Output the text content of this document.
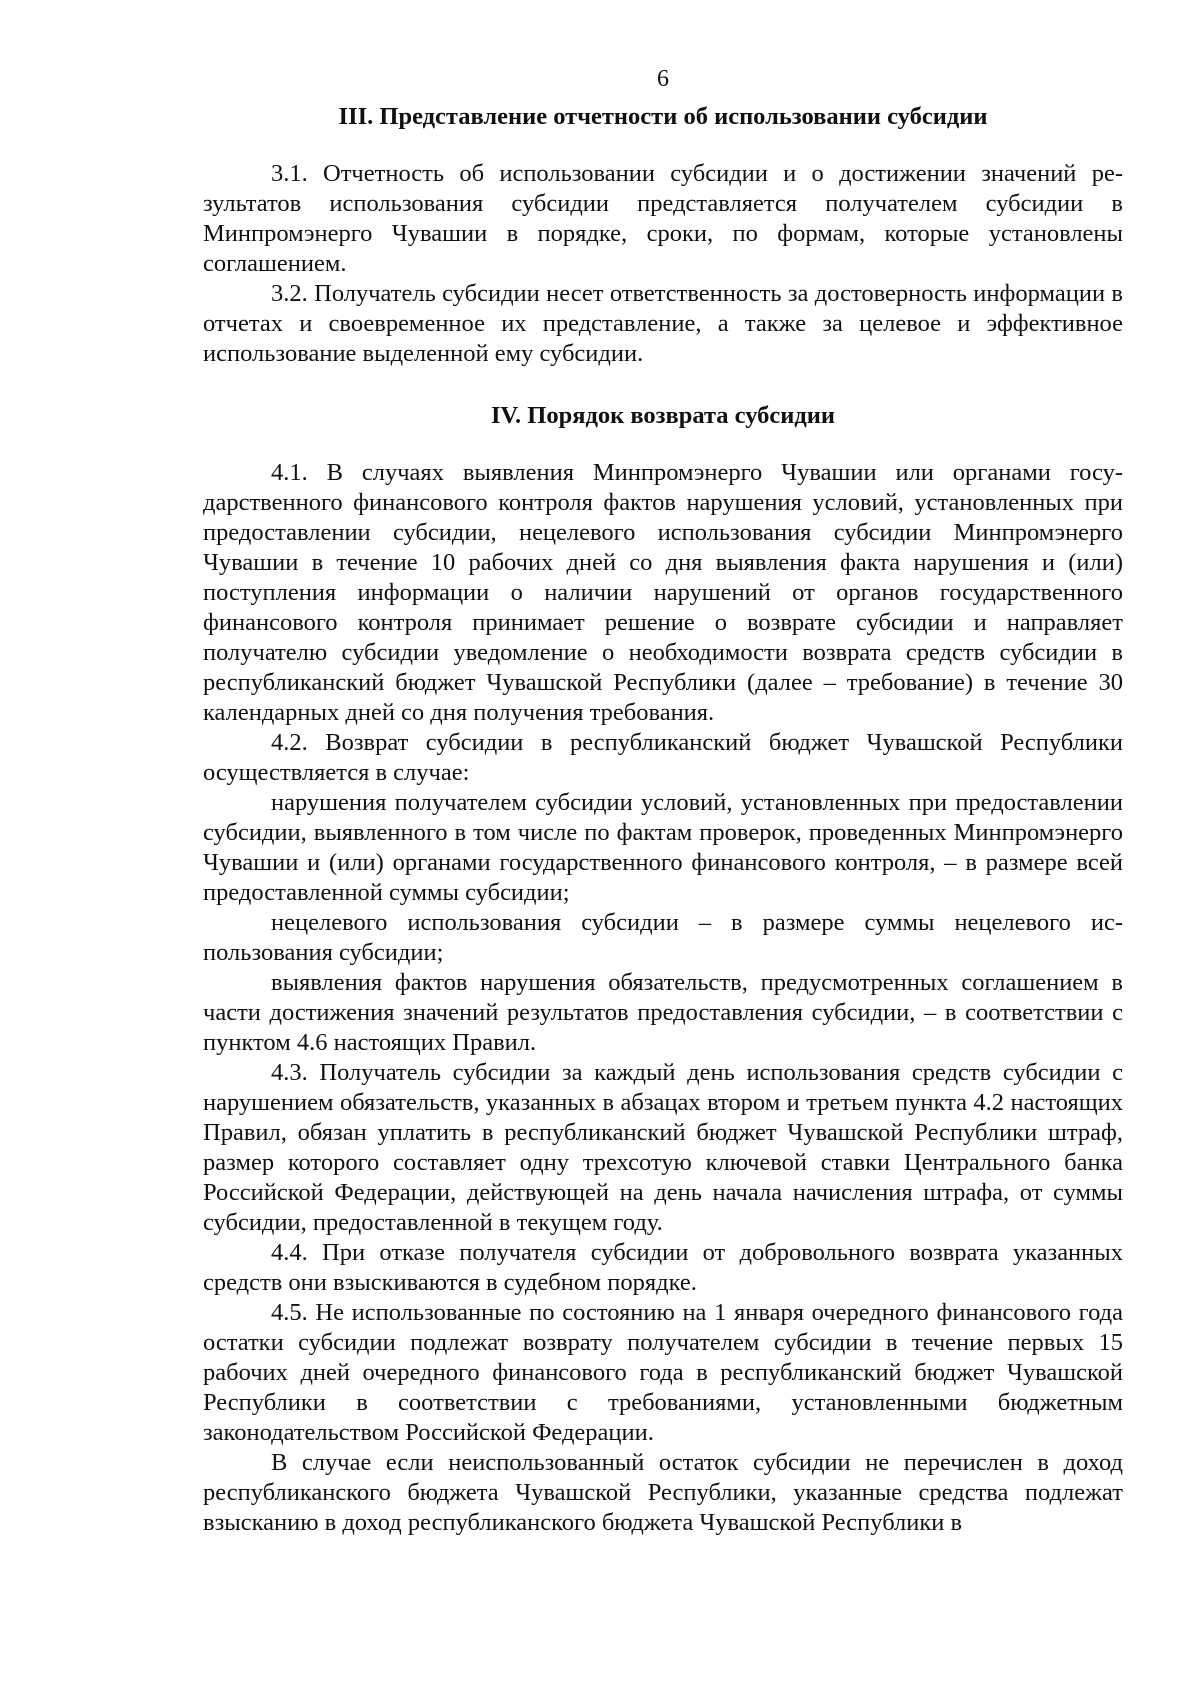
6

III. Представление отчетности об использовании субсидии

3.1. Отчетность об использовании субсидии и о достижении значений результатов использования субсидии представляется получателем субсидии в Минпромэнерго Чувашии в порядке, сроки, по формам, которые установлены соглашением.

3.2. Получатель субсидии несет ответственность за достоверность информации в отчетах и своевременное их представление, а также за целевое и эффективное использование выделенной ему субсидии.

IV. Порядок возврата субсидии

4.1. В случаях выявления Минпромэнерго Чувашии или органами государственного финансового контроля фактов нарушения условий, установленных при предоставлении субсидии, нецелевого использования субсидии Минпромэнерго Чувашии в течение 10 рабочих дней со дня выявления факта нарушения и (или) поступления информации о наличии нарушений от органов государственного финансового контроля принимает решение о возврате субсидии и направляет получателю субсидии уведомление о необходимости возврата средств субсидии в республиканский бюджет Чувашской Республики (далее – требование) в течение 30 календарных дней со дня получения требования.

4.2. Возврат субсидии в республиканский бюджет Чувашской Республики осуществляется в случае:

нарушения получателем субсидии условий, установленных при предоставлении субсидии, выявленного в том числе по фактам проверок, проведенных Минпромэнерго Чувашии и (или) органами государственного финансового контроля, – в размере всей предоставленной суммы субсидии;

нецелевого использования субсидии – в размере суммы нецелевого использования субсидии;

выявления фактов нарушения обязательств, предусмотренных соглашением в части достижения значений результатов предоставления субсидии, – в соответствии с пунктом 4.6 настоящих Правил.

4.3. Получатель субсидии за каждый день использования средств субсидии с нарушением обязательств, указанных в абзацах втором и третьем пункта 4.2 настоящих Правил, обязан уплатить в республиканский бюджет Чувашской Республики штраф, размер которого составляет одну трехсотую ключевой ставки Центрального банка Российской Федерации, действующей на день начала начисления штрафа, от суммы субсидии, предоставленной в текущем году.

4.4. При отказе получателя субсидии от добровольного возврата указанных средств они взыскиваются в судебном порядке.

4.5. Не использованные по состоянию на 1 января очередного финансового года остатки субсидии подлежат возврату получателем субсидии в течение первых 15 рабочих дней очередного финансового года в республиканский бюджет Чувашской Республики в соответствии с требованиями, установленными бюджетным законодательством Российской Федерации.

В случае если неиспользованный остаток субсидии не перечислен в доход республиканского бюджета Чувашской Республики, указанные средства подлежат взысканию в доход республиканского бюджета Чувашской Республики в
